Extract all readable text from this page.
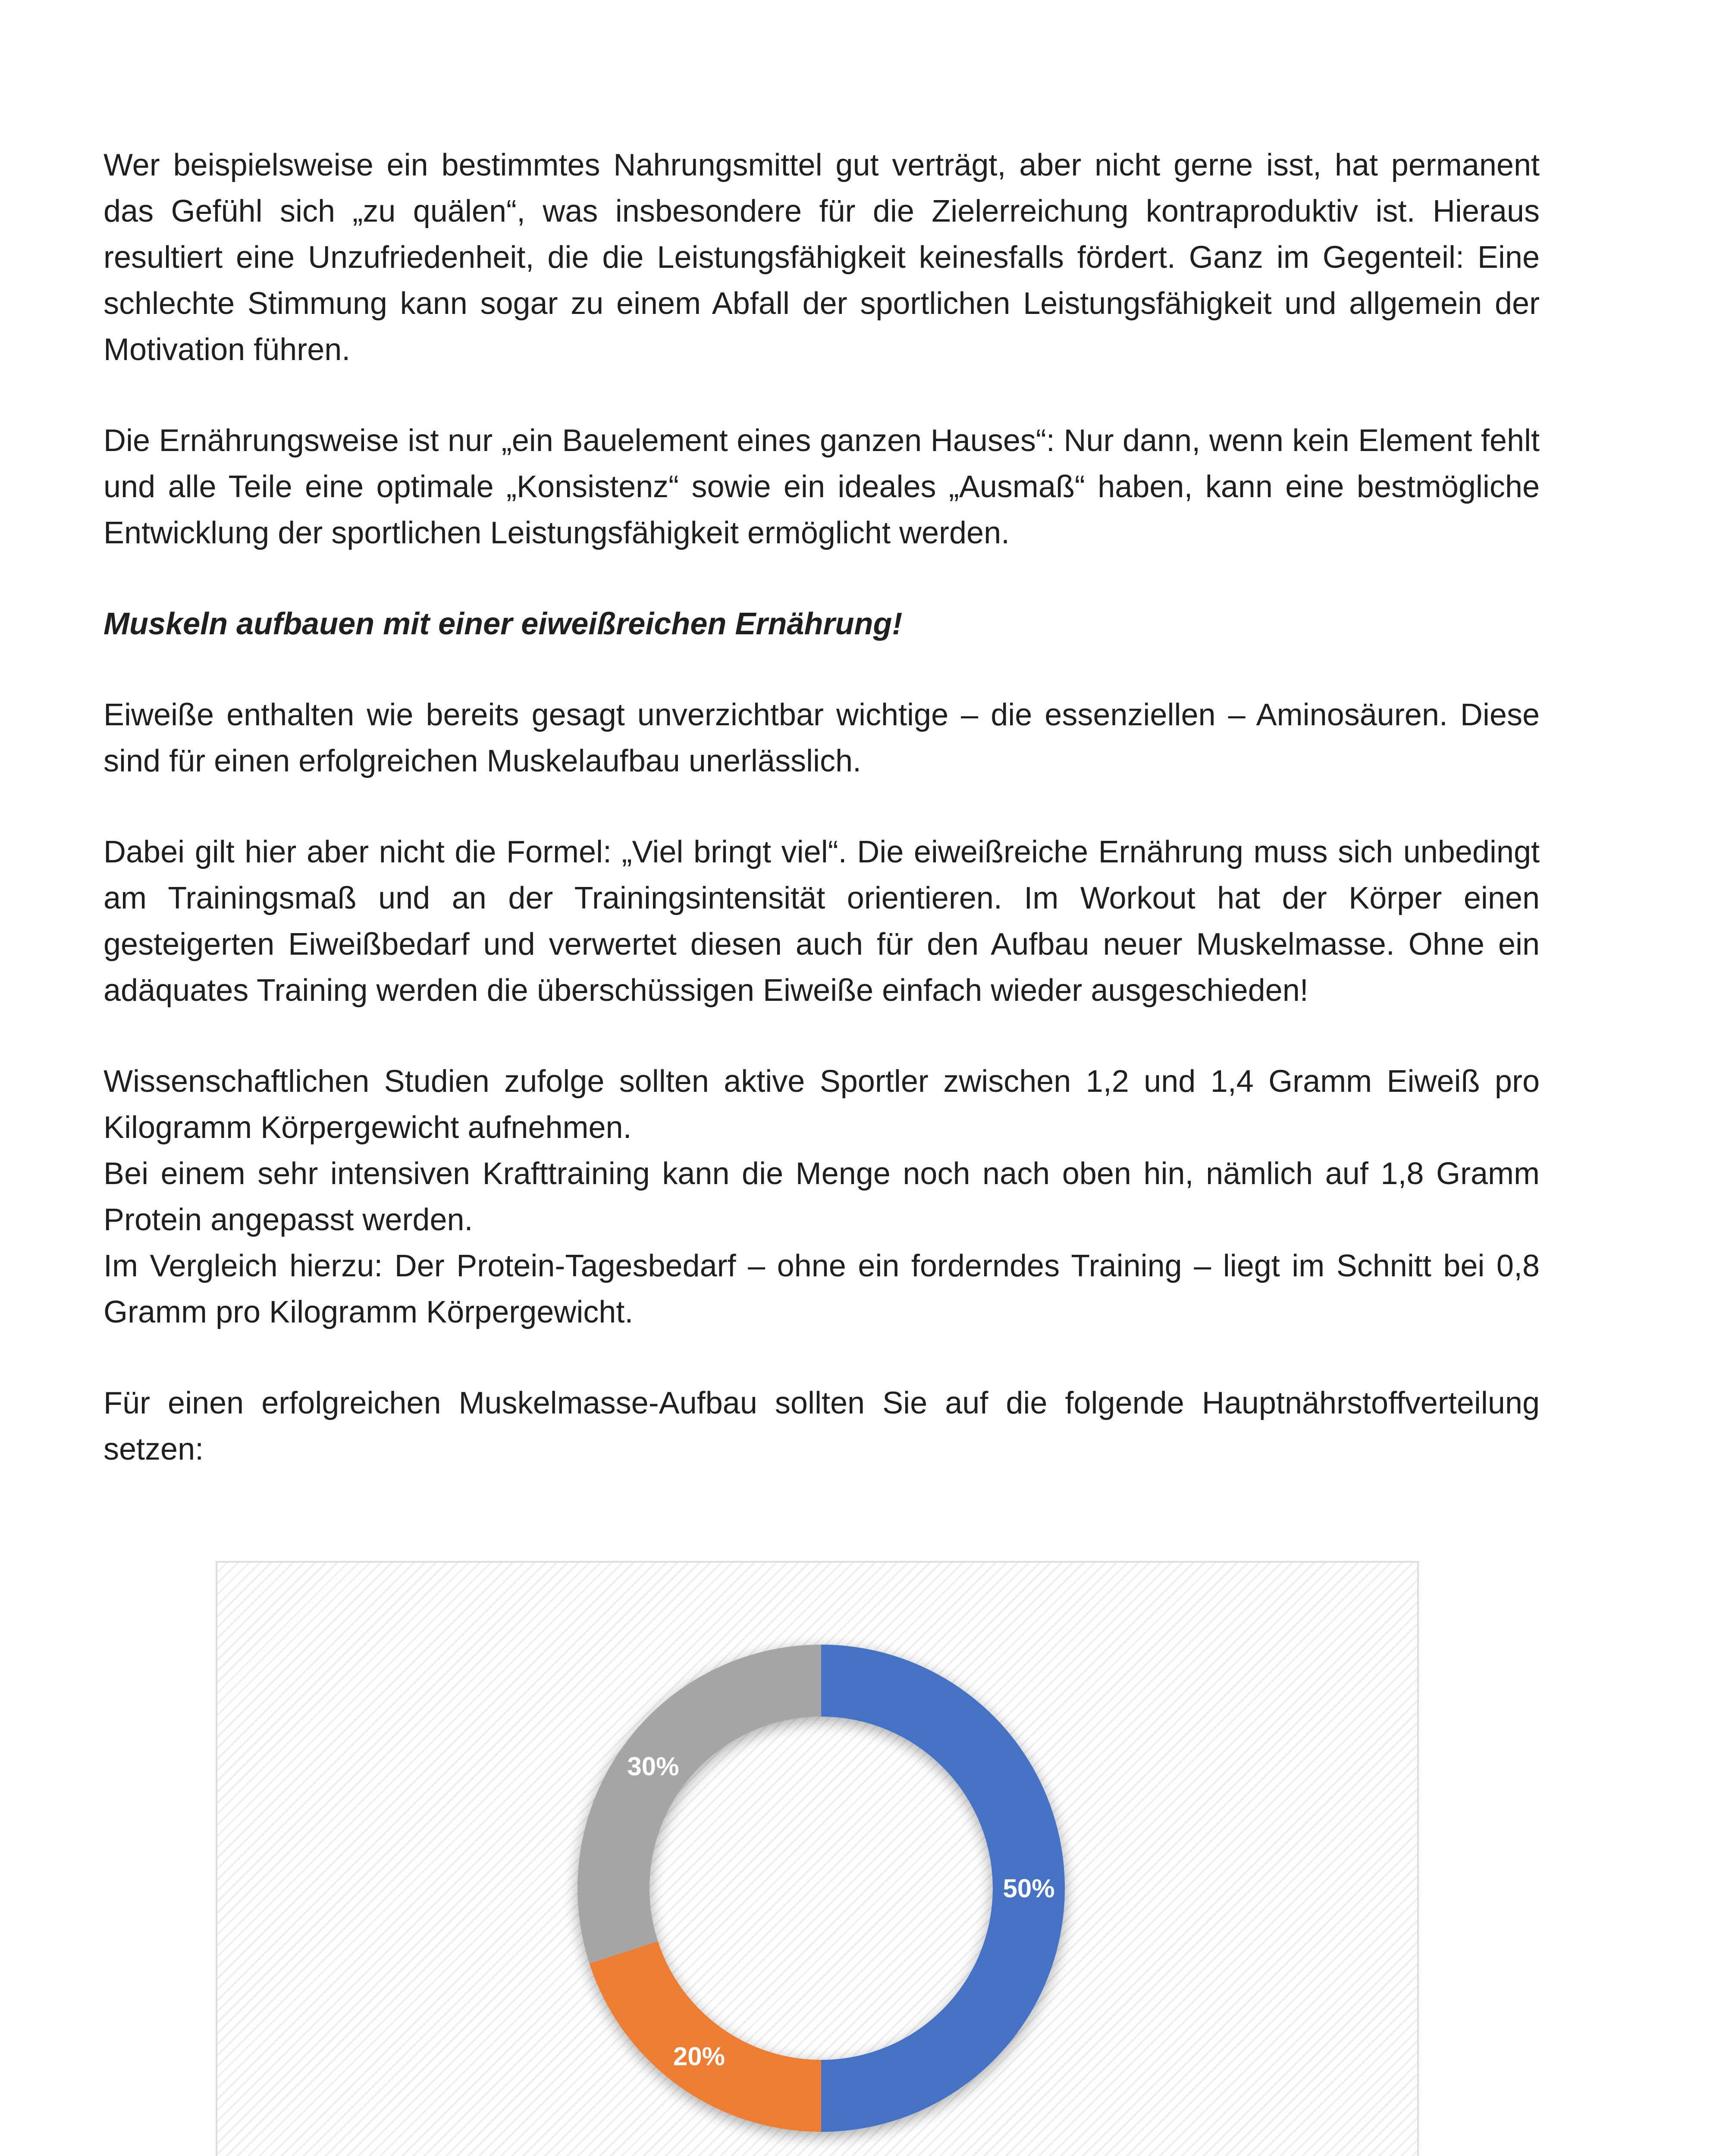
Wer beispielsweise ein bestimmtes Nahrungsmittel gut verträgt, aber nicht gerne isst, hat permanent das Gefühl sich „zu quälen“, was insbesondere für die Zielerreichung kontraproduktiv ist. Hieraus resultiert eine Unzufriedenheit, die die Leistungsfähigkeit keinesfalls fördert. Ganz im Gegenteil: Eine schlechte Stimmung kann sogar zu einem Abfall der sportlichen Leistungsfähigkeit und allgemein der Motivation führen.

Die Ernährungsweise ist nur „ein Bauelement eines ganzen Hauses“: Nur dann, wenn kein Element fehlt und alle Teile eine optimale „Konsistenz“ sowie ein ideales „Ausmaß“ haben, kann eine bestmögliche Entwicklung der sportlichen Leistungsfähigkeit ermöglicht werden.

Muskeln aufbauen mit einer eiweißreichen Ernährung!

Eiweiße enthalten wie bereits gesagt unverzichtbar wichtige – die essenziellen – Aminosäuren. Diese sind für einen erfolgreichen Muskelaufbau unerlässlich.

Dabei gilt hier aber nicht die Formel: „Viel bringt viel“. Die eiweißreiche Ernährung muss sich unbedingt am Trainingsmaß und an der Trainingsintensität orientieren. Im Workout hat der Körper einen gesteigerten Eiweißbedarf und verwertet diesen auch für den Aufbau neuer Muskelmasse. Ohne ein adäquates Training werden die überschüssigen Eiweiße einfach wieder ausgeschieden!

Wissenschaftlichen Studien zufolge sollten aktive Sportler zwischen 1,2 und 1,4 Gramm Eiweiß pro Kilogramm Körpergewicht aufnehmen.

Bei einem sehr intensiven Krafttraining kann die Menge noch nach oben hin, nämlich auf 1,8 Gramm Protein angepasst werden.

Im Vergleich hierzu: Der Protein-Tagesbedarf – ohne ein forderndes Training – liegt im Schnitt bei 0,8 Gramm pro Kilogramm Körpergewicht.

Für einen erfolgreichen Muskelmasse-Aufbau sollten Sie auf die folgende Hauptnährstoffverteilung setzen:

50%
20%
30%
